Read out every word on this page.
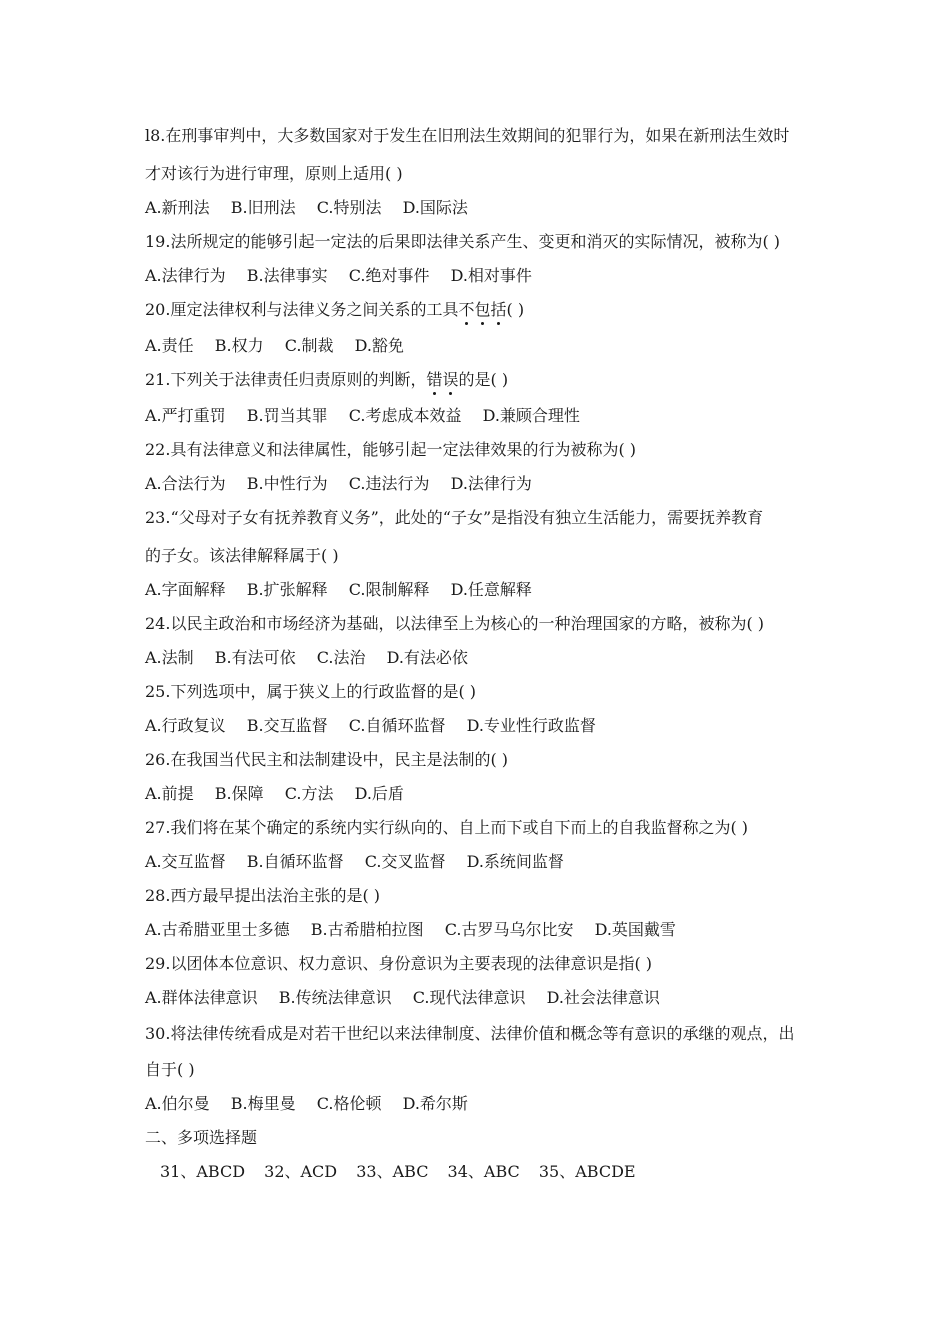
l8.在刑事审判中，大多数国家对于发生在旧刑法生效期间的犯罪行为，如果在新刑法生效时
才对该行为进行审理，原则上适用( )
A.新刑法 B.旧刑法 C.特别法 D.国际法
19.法所规定的能够引起一定法的后果即法律关系产生、变更和消灭的实际情况，被称为( )
A.法律行为 B.法律事实 C.绝对事件 D.相对事件
20.厘定法律权利与法律义务之间关系的工具不包括( )
A.责任 B.权力 C.制裁 D.豁免
21.下列关于法律责任归责原则的判断，错误的是( )
A.严打重罚 B.罚当其罪 C.考虑成本效益 D.兼顾合理性
22.具有法律意义和法律属性，能够引起一定法律效果的行为被称为( )
A.合法行为 B.中性行为 C.违法行为 D.法律行为
23.“父母对子女有抚养教育义务”，此处的“子女”是指没有独立生活能力，需要抚养教育
的子女。该法律解释属于( )
A.字面解释 B.扩张解释 C.限制解释 D.任意解释
24.以民主政治和市场经济为基础，以法律至上为核心的一种治理国家的方略，被称为( )
A.法制 B.有法可依 C.法治 D.有法必依
25.下列选项中，属于狭义上的行政监督的是( )
A.行政复议 B.交互监督 C.自循环监督 D.专业性行政监督
26.在我国当代民主和法制建设中，民主是法制的( )
A.前提 B.保障 C.方法 D.后盾
27.我们将在某个确定的系统内实行纵向的、自上而下或自下而上的自我监督称之为( )
A.交互监督 B.自循环监督 C.交叉监督 D.系统间监督
28.西方最早提出法治主张的是( )
A.古希腊亚里士多德 B.古希腊柏拉图 C.古罗马乌尔比安 D.英国戴雪
29.以团体本位意识、权力意识、身份意识为主要表现的法律意识是指( )
A.群体法律意识 B.传统法律意识 C.现代法律意识 D.社会法律意识
30.将法律传统看成是对若干世纪以来法律制度、法律价值和概念等有意识的承继的观点，出
自于( )
A.伯尔曼 B.梅里曼 C.格伦顿 D.希尔斯
二、多项选择题
31、ABCD 32、ACD 33、ABC 34、ABC 35、ABCDE
